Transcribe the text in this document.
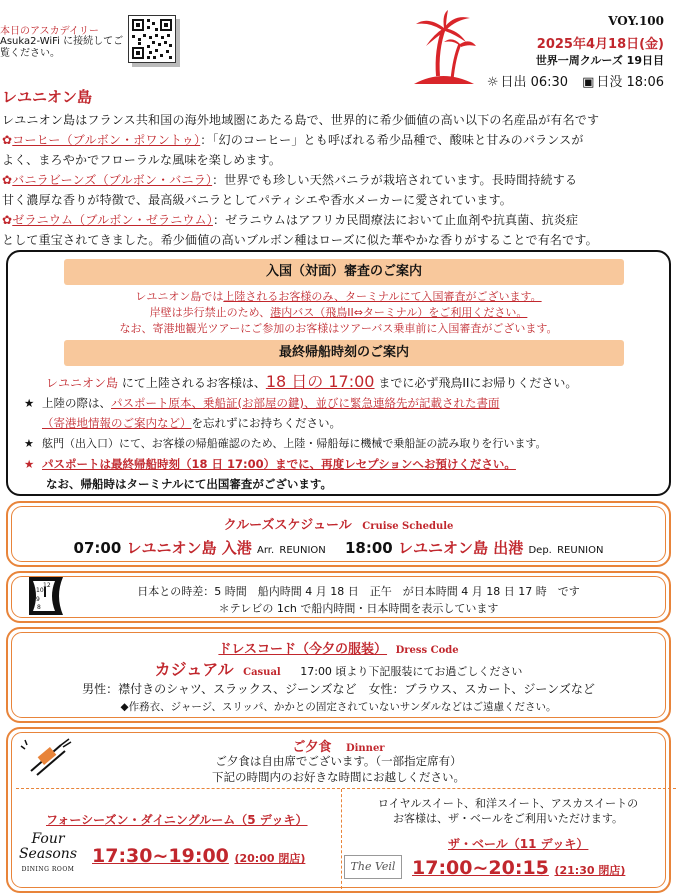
本日のアスカデイリー
Asuka2-WiFi に接続してご覧ください。
VOY.100
2025年4月18日(金)
世界一周クルーズ 19日目
☼ 日出 06:30 ▣ 日没 18:06
レユニオン島
レユニオン島はフランス共和国の海外地域圏にあたる島で、世界的に希少価値の高い以下の名産品が有名です
✿コーヒー（ブルボン・ポワントゥ）：「幻のコーヒー」とも呼ばれる希少品種で、酸味と甘みのバランスが
よく、まろやかでフローラルな風味を楽しめます。
✿バニラビーンズ（ブルボン・バニラ）：世界でも珍しい天然バニラが栽培されています。長時間持続する
甘く濃厚な香りが特徴で、最高級バニラとしてパティシエや香水メーカーに愛されています。
✿ゼラニウム（ブルボン・ゼラニウム）：ゼラニウムはアフリカ民間療法において止血剤や抗真菌、抗炎症
として重宝されてきました。希少価値の高いブルボン種はローズに似た華やかな香りがすることで有名です。
入国（対面）審査のご案内
レユニオン島では上陸されるお客様のみ、ターミナルにて入国審査がございます。
岸壁は歩行禁止のため、港内バス（飛鳥II⇔ターミナル）をご利用ください。
なお、寄港地観光ツアーにご参加のお客様はツアーバス乗車前に入国審査がございます。
最終帰船時刻のご案内
レユニオン島 にて上陸されるお客様は、18 日の 17:00 までに必ず飛鳥IIにお帰りください。
★ 上陸の際は、パスポート原本、乗船証(お部屋の鍵)、並びに緊急連絡先が記載された書面
（寄港地情報のご案内など）を忘れずにお持ちください。
★ 舷門（出入口）にて、お客様の帰船確認のため、上陸・帰船毎に機械で乗船証の読み取りを行います。
★ パスポートは最終帰船時刻（18 日 17:00）までに、再度レセプションへお預けください。
なお、帰船時はターミナルにて出国審査がございます。
クルーズスケジュール Cruise Schedule
07:00 レユニオン島 入港 Arr. REUNION 18:00 レユニオン島 出港 Dep. REUNION
日本との時差：5 時間　船内時間 4 月 18 日　正午　が日本時間 4 月 18 日 17 時　です
＊テレビの 1ch で船内時間・日本時間を表示しています
10
12
9
8
ドレスコード（今夕の服装） Dress Code
カジュアル Casual 17:00 頃より下記服装にてお過ごしください
男性：襟付きのシャツ、スラックス、ジーンズなど　女性：ブラウス、スカート、ジーンズなど
◆作務衣、ジャージ、スリッパ、かかとの固定されていないサンダルなどはご遠慮ください。
ご夕食 Dinner
ご夕食は自由席でございます。（一部指定席有）
下記の時間内のお好きな時間にお越しください。
フォーシーズン・ダイニングルーム（5 デッキ）
Four
Seasons
DINING ROOM
17:30~19:00 (20:00 閉店)
ロイヤルスイート、和洋スイート、アスカスイートの
お客様は、ザ・ベールをご利用いただけます。
ザ・ベール（11 デッキ）
The Veil 17:00~20:15 (21:30 閉店)
